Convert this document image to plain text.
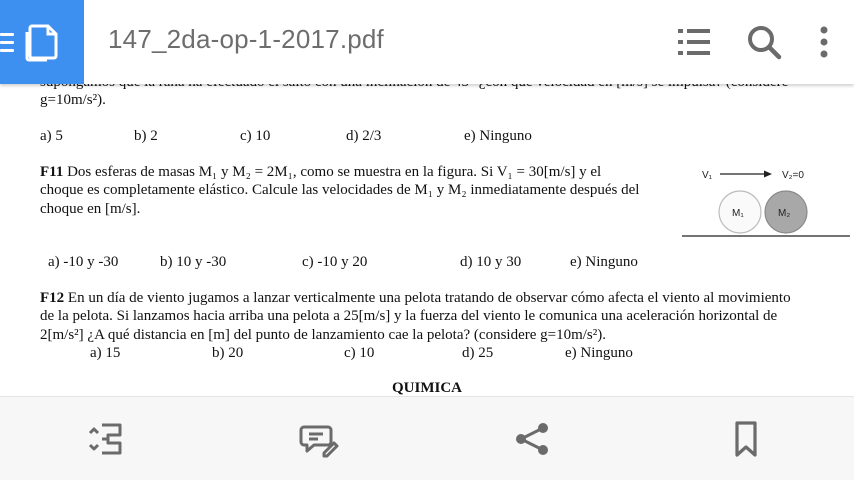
147_2da-op-1-2017.pdf
g=10m/s²).
a) 5	b) 2	c) 10	d) 2/3	e) Ninguno
F11 Dos esferas de masas M₁ y M₂ = 2M₁, como se muestra en la figura. Si V₁ = 30[m/s] y el
choque es completamente elástico. Calcule las velocidades de M₁ y M₂ inmediatamente después del
choque en [m/s].
V₁	V₂=0
M₁	M₂
a) -10 y -30	b) 10 y -30	c) -10 y 20	d) 10 y 30	e) Ninguno
F12 En un día de viento jugamos a lanzar verticalmente una pelota tratando de observar cómo afecta el viento al movimiento
de la pelota. Si lanzamos hacia arriba una pelota a 25[m/s] y la fuerza del viento le comunica una aceleración horizontal de
2[m/s²] ¿A qué distancia en [m] del punto de lanzamiento cae la pelota? (considere g=10m/s²).
a) 15	b) 20	c) 10	d) 25	e) Ninguno
QUIMICA
